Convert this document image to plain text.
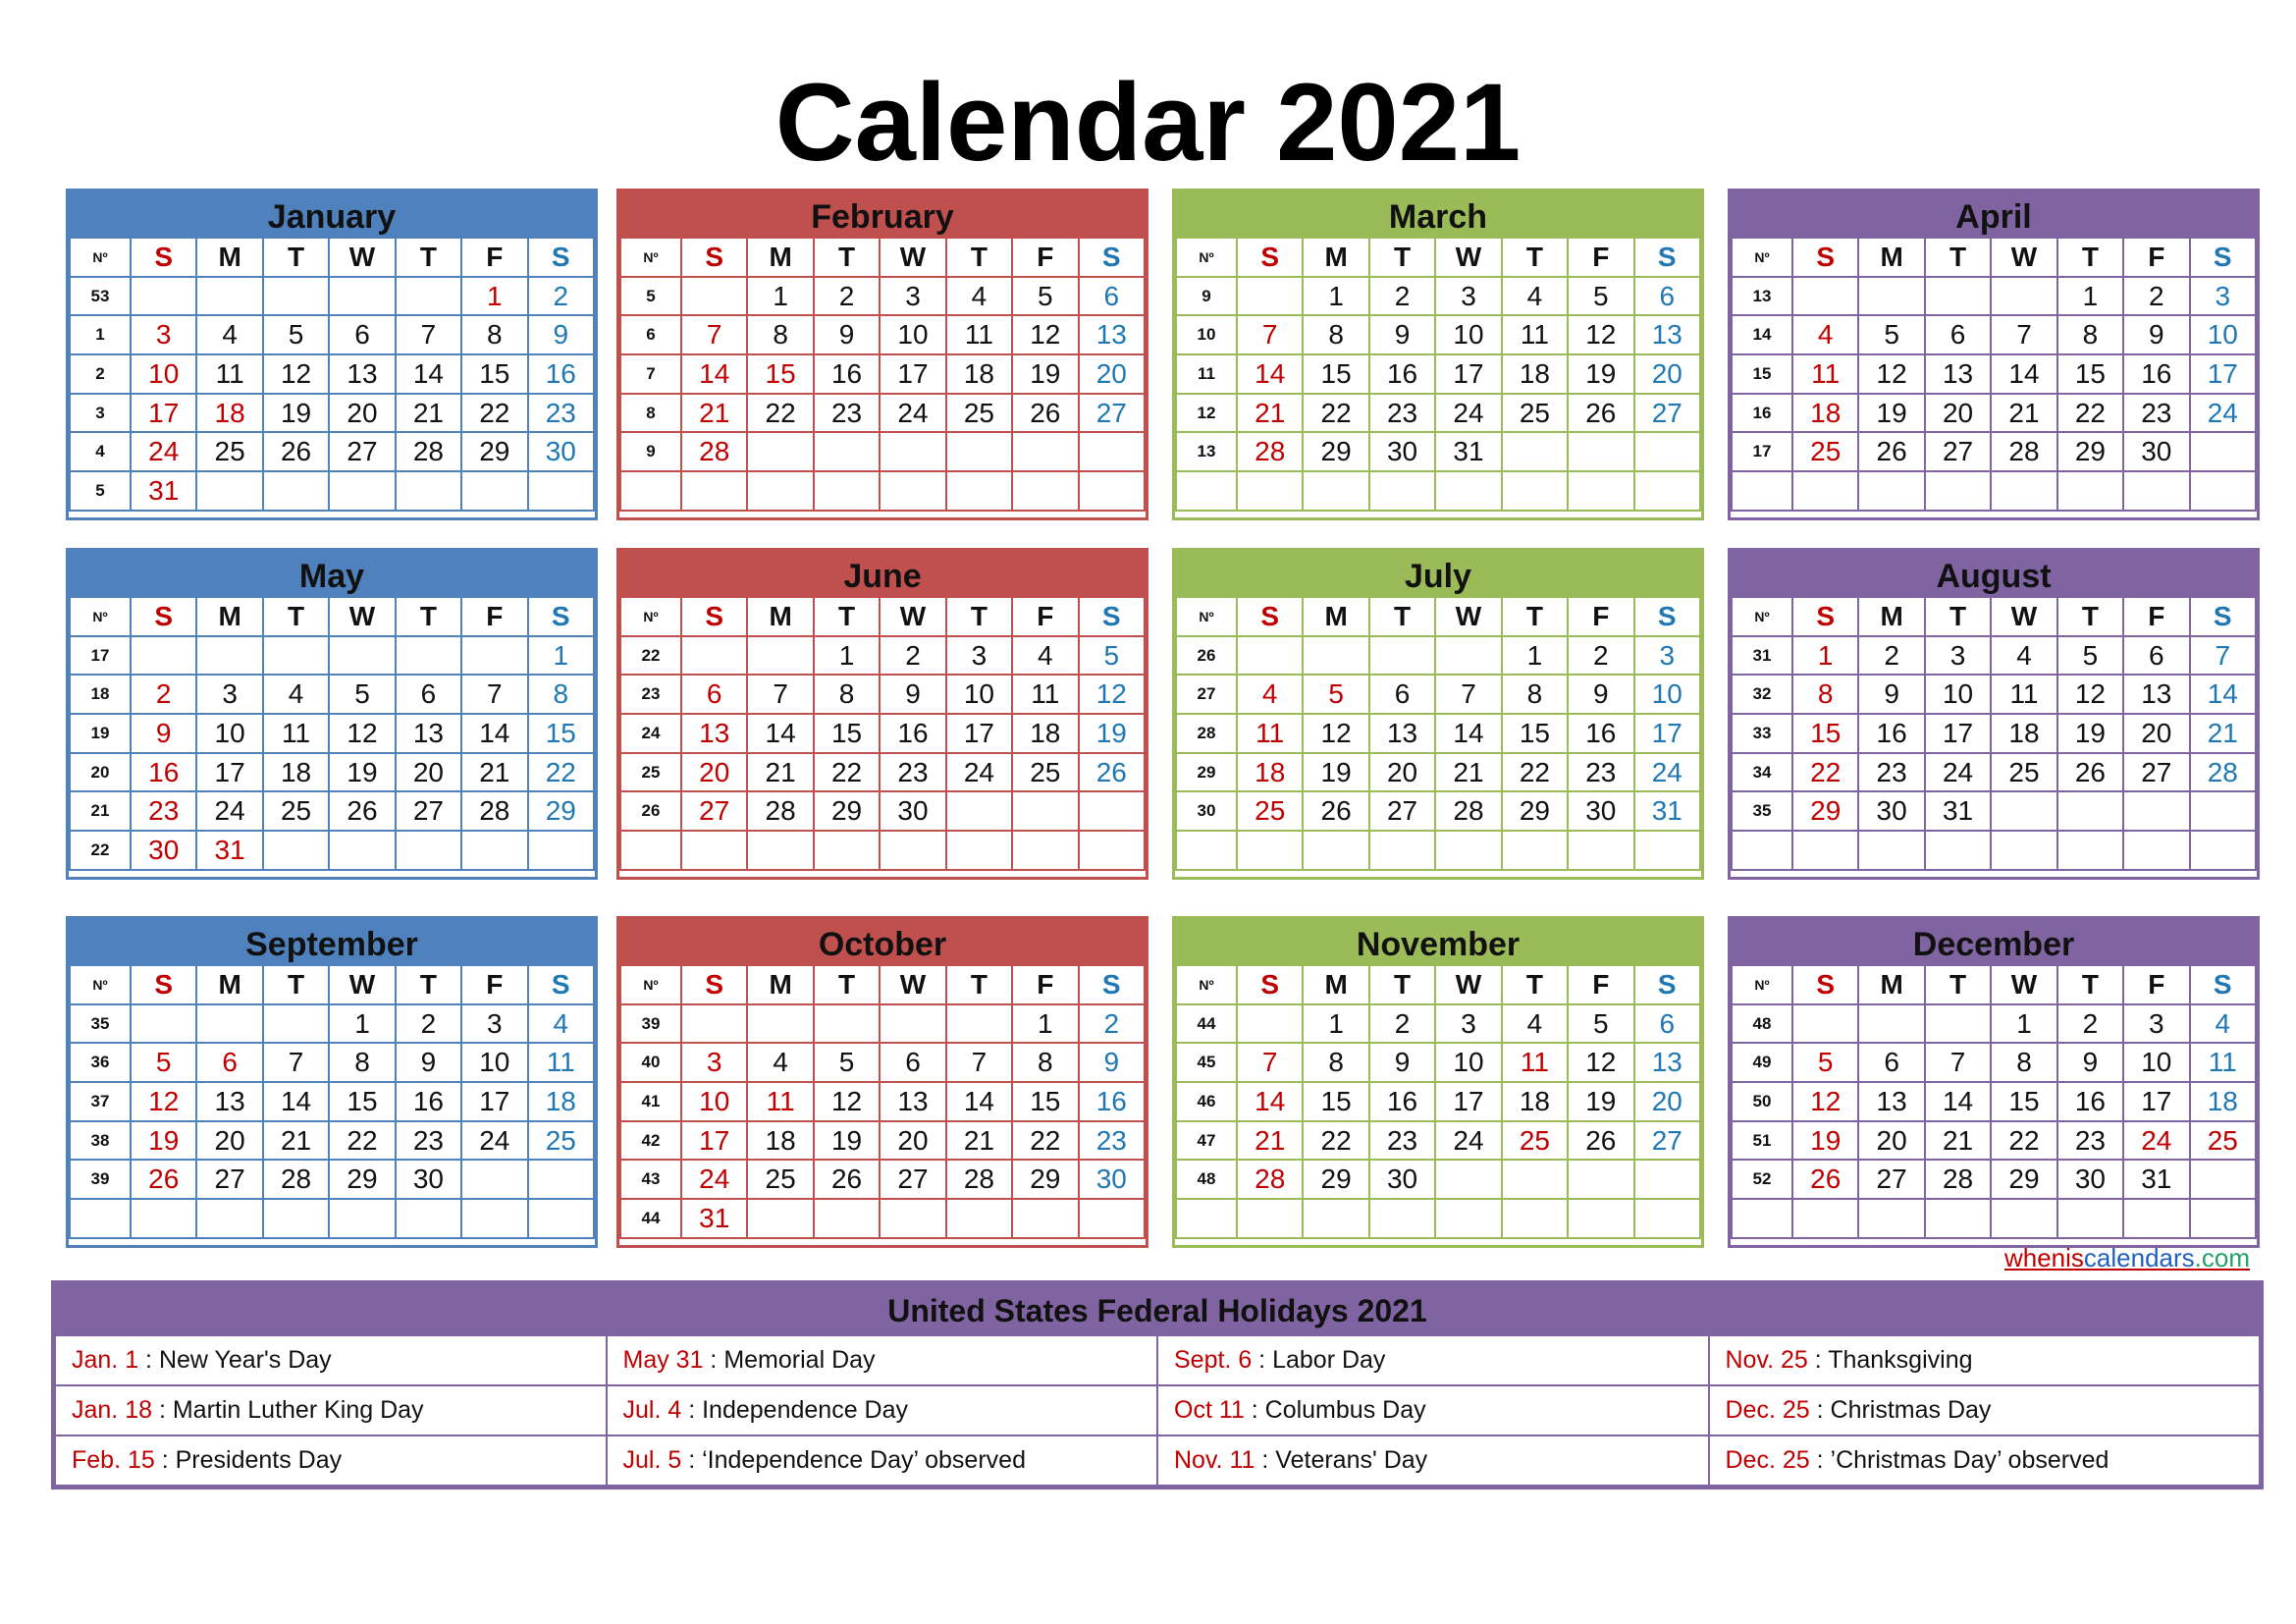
Calendar 2021
January
Nº	S	M	T	W	T	F	S
53						1	2
1	3	4	5	6	7	8	9
2	10	11	12	13	14	15	16
3	17	18	19	20	21	22	23
4	24	25	26	27	28	29	30
5	31						
February
Nº	S	M	T	W	T	F	S
5		1	2	3	4	5	6
6	7	8	9	10	11	12	13
7	14	15	16	17	18	19	20
8	21	22	23	24	25	26	27
9	28						

March
Nº	S	M	T	W	T	F	S
9		1	2	3	4	5	6
10	7	8	9	10	11	12	13
11	14	15	16	17	18	19	20
12	21	22	23	24	25	26	27
13	28	29	30	31			

April
Nº	S	M	T	W	T	F	S
13					1	2	3
14	4	5	6	7	8	9	10
15	11	12	13	14	15	16	17
16	18	19	20	21	22	23	24
17	25	26	27	28	29	30	

May
Nº	S	M	T	W	T	F	S
17							1
18	2	3	4	5	6	7	8
19	9	10	11	12	13	14	15
20	16	17	18	19	20	21	22
21	23	24	25	26	27	28	29
22	30	31					
June
Nº	S	M	T	W	T	F	S
22			1	2	3	4	5
23	6	7	8	9	10	11	12
24	13	14	15	16	17	18	19
25	20	21	22	23	24	25	26
26	27	28	29	30			

July
Nº	S	M	T	W	T	F	S
26					1	2	3
27	4	5	6	7	8	9	10
28	11	12	13	14	15	16	17
29	18	19	20	21	22	23	24
30	25	26	27	28	29	30	31

August
Nº	S	M	T	W	T	F	S
31	1	2	3	4	5	6	7
32	8	9	10	11	12	13	14
33	15	16	17	18	19	20	21
34	22	23	24	25	26	27	28
35	29	30	31				

September
Nº	S	M	T	W	T	F	S
35				1	2	3	4
36	5	6	7	8	9	10	11
37	12	13	14	15	16	17	18
38	19	20	21	22	23	24	25
39	26	27	28	29	30		

October
Nº	S	M	T	W	T	F	S
39						1	2
40	3	4	5	6	7	8	9
41	10	11	12	13	14	15	16
42	17	18	19	20	21	22	23
43	24	25	26	27	28	29	30
44	31						
November
Nº	S	M	T	W	T	F	S
44		1	2	3	4	5	6
45	7	8	9	10	11	12	13
46	14	15	16	17	18	19	20
47	21	22	23	24	25	26	27
48	28	29	30				

December
Nº	S	M	T	W	T	F	S
48				1	2	3	4
49	5	6	7	8	9	10	11
50	12	13	14	15	16	17	18
51	19	20	21	22	23	24	25
52	26	27	28	29	30	31	

wheniscalendars.com
United States Federal Holidays 2021
Jan. 1 : New Year's Day	May 31 : Memorial Day	Sept. 6 : Labor Day	Nov. 25 : Thanksgiving
Jan. 18 : Martin Luther King Day	Jul. 4 : Independence Day	Oct 11 : Columbus Day	Dec. 25 : Christmas Day
Feb. 15 : Presidents Day	Jul. 5 : ‘Independence Day’ observed	Nov. 11 : Veterans' Day	Dec. 25 : ’Christmas Day’ observed
